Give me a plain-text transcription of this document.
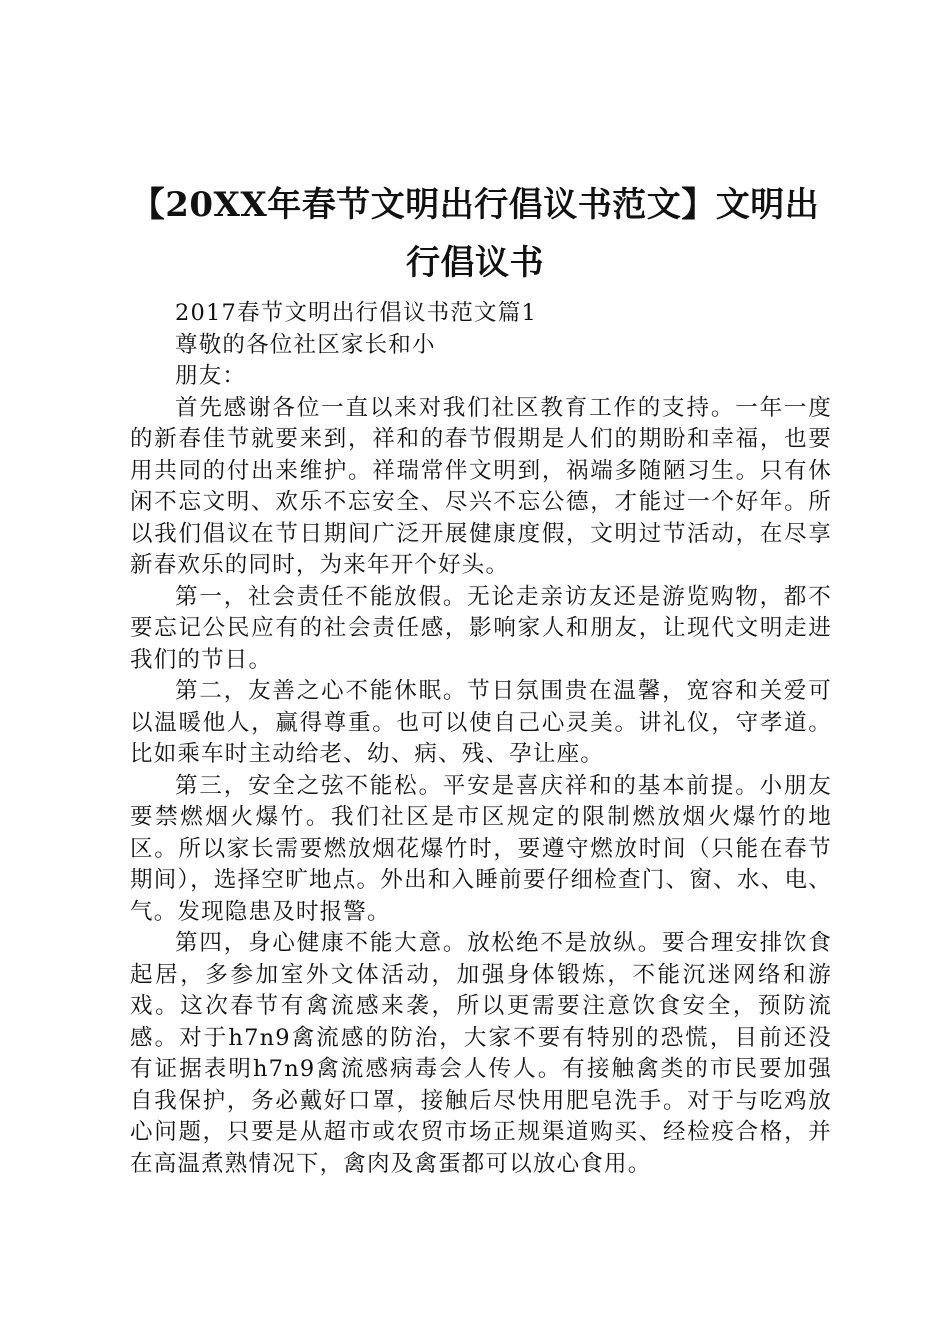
【20XX年春节文明出行倡议书范文】文明出行倡议书

2017春节文明出行倡议书范文篇1

尊敬的各位社区家长和小

朋友：

首先感谢各位一直以来对我们社区教育工作的支持。一年一度的新春佳节就要来到，祥和的春节假期是人们的期盼和幸福，也要用共同的付出来维护。祥瑞常伴文明到，祸端多随陋习生。只有休闲不忘文明、欢乐不忘安全、尽兴不忘公德，才能过一个好年。所以我们倡议在节日期间广泛开展健康度假，文明过节活动，在尽享新春欢乐的同时，为来年开个好头。

第一，社会责任不能放假。无论走亲访友还是游览购物，都不要忘记公民应有的社会责任感，影响家人和朋友，让现代文明走进我们的节日。

第二，友善之心不能休眠。节日氛围贵在温馨，宽容和关爱可以温暖他人，赢得尊重。也可以使自己心灵美。讲礼仪，守孝道。比如乘车时主动给老、幼、病、残、孕让座。

第三，安全之弦不能松。平安是喜庆祥和的基本前提。小朋友要禁燃烟火爆竹。我们社区是市区规定的限制燃放烟火爆竹的地区。所以家长需要燃放烟花爆竹时，要遵守燃放时间（只能在春节期间），选择空旷地点。外出和入睡前要仔细检查门、窗、水、电、气。发现隐患及时报警。

第四，身心健康不能大意。放松绝不是放纵。要合理安排饮食起居，多参加室外文体活动，加强身体锻炼，不能沉迷网络和游戏。这次春节有禽流感来袭，所以更需要注意饮食安全，预防流感。对于h7n9禽流感的防治，大家不要有特别的恐慌，目前还没有证据表明h7n9禽流感病毒会人传人。有接触禽类的市民要加强自我保护，务必戴好口罩，接触后尽快用肥皂洗手。对于与吃鸡放心问题，只要是从超市或农贸市场正规渠道购买、经检疫合格，并在高温煮熟情况下，禽肉及禽蛋都可以放心食用。
